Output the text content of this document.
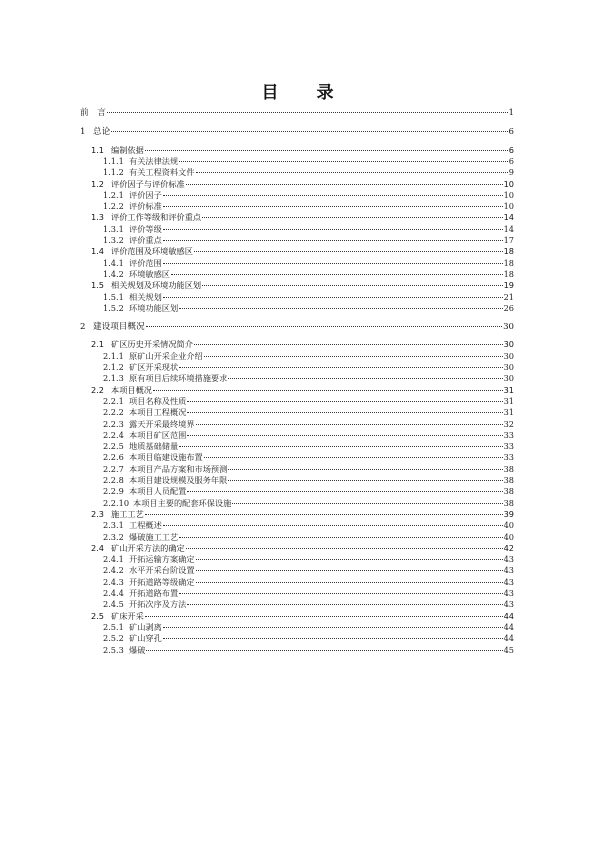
目 录
前　言	1
1 总论	6
1.1 编制依据	6
1.1.1 有关法律法规	6
1.1.2 有关工程资料文件	9
1.2 评价因子与评价标准	10
1.2.1 评价因子	10
1.2.2 评价标准	10
1.3 评价工作等级和评价重点	14
1.3.1 评价等级	14
1.3.2 评价重点	17
1.4 评价范围及环境敏感区	18
1.4.1 评价范围	18
1.4.2 环境敏感区	18
1.5 相关规划及环境功能区划	19
1.5.1 相关规划	21
1.5.2 环境功能区划	26
2 建设项目概况	30
2.1 矿区历史开采情况简介	30
2.1.1 原矿山开采企业介绍	30
2.1.2 矿区开采现状	30
2.1.3 原有项目后续环境措施要求	30
2.2 本项目概况	31
2.2.1 项目名称及性质	31
2.2.2 本项目工程概况	31
2.2.3 露天开采最终境界	32
2.2.4 本项目矿区范围	33
2.2.5 地质基础储量	33
2.2.6 本项目临建设施布置	33
2.2.7 本项目产品方案和市场预测	38
2.2.8 本项目建设规模及服务年限	38
2.2.9 本项目人员配置	38
2.2.10 本项目主要的配套环保设施	38
2.3 施工工艺	39
2.3.1 工程概述	40
2.3.2 爆破施工工艺	40
2.4 矿山开采方法的确定	42
2.4.1 开拓运输方案确定	43
2.4.2 水平开采台阶设置	43
2.4.3 开拓道路等级确定	43
2.4.4 开拓道路布置	43
2.4.5 开拓次序及方法	43
2.5 矿床开采	44
2.5.1 矿山剥离	44
2.5.2 矿山穿孔	44
2.5.3 爆破	45
